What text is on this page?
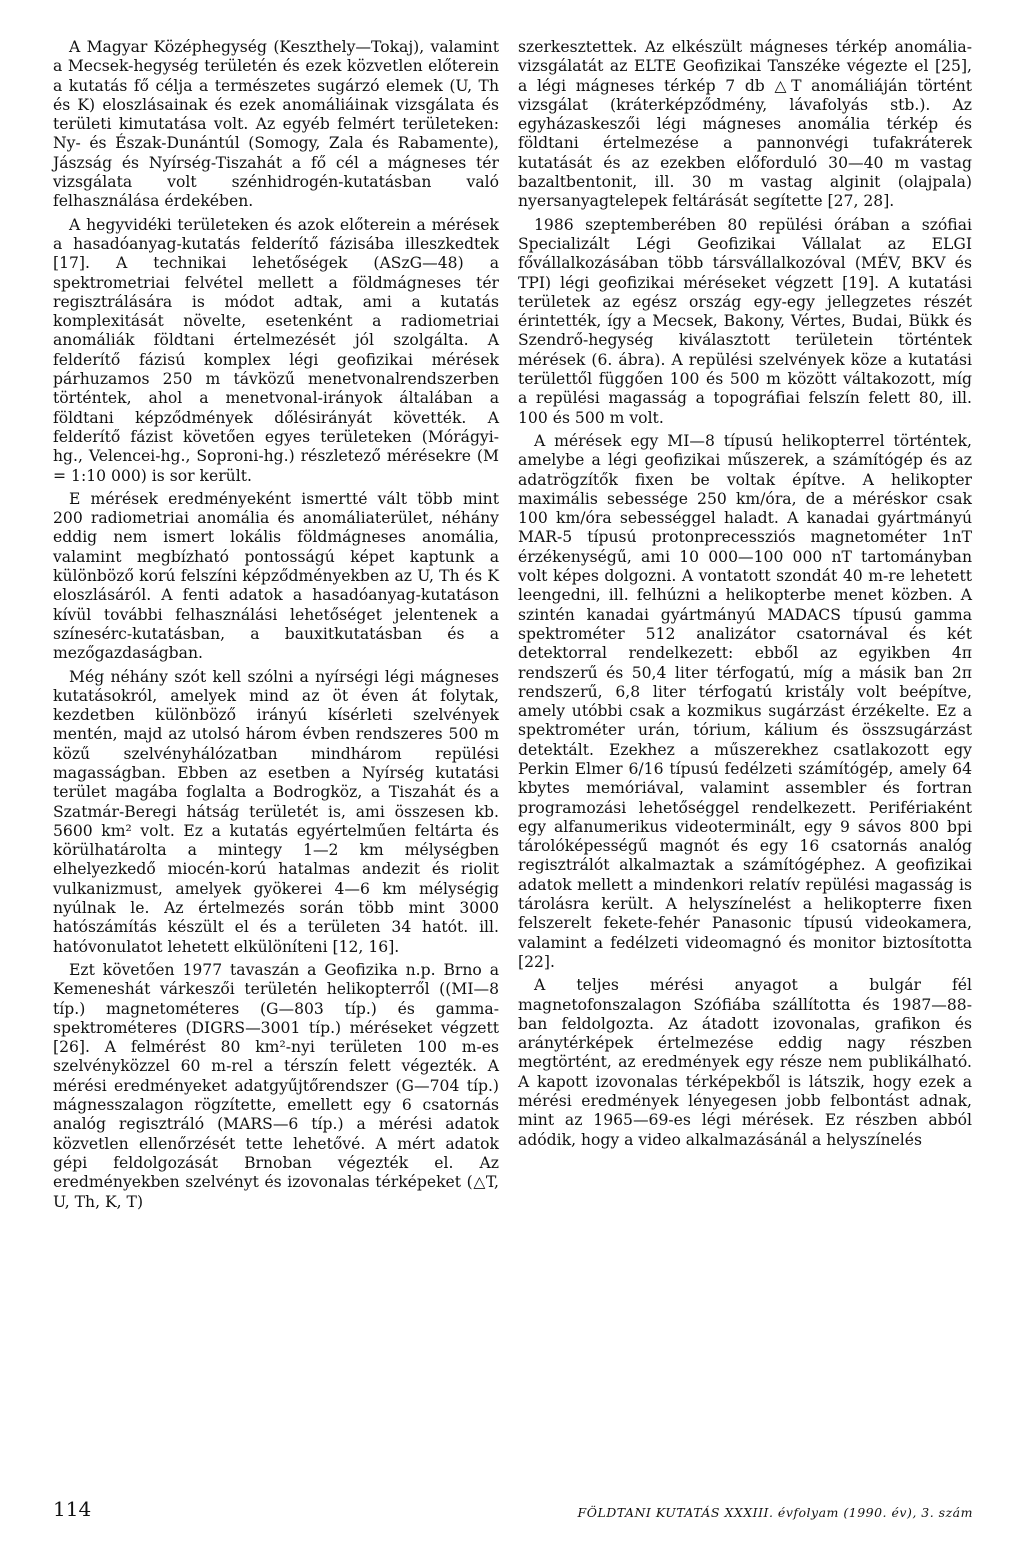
A Magyar Középhegység (Keszthely—Tokaj), valamint a Mecsek-hegység területén és ezek közvetlen előterein a kutatás fő célja a természetes sugárzó elemek (U, Th és K) eloszlásainak és ezek anomáliáinak vizsgálata és területi kimutatása volt. Az egyéb felmért területeken: Ny- és Észak-Dunántúl (Somogy, Zala és Rabamente), Jászság és Nyírség-Tiszahát a fő cél a mágneses tér vizsgálata volt szénhidrogén-kutatásban való felhasználása érdekében.

A hegyvidéki területeken és azok előterein a mérések a hasadóanyag-kutatás felderítő fázisába illeszkedtek [17]. A technikai lehetőségek (ASzG—48) a spektrometriai felvétel mellett a földmágneses tér regisztrálására is módot adtak, ami a kutatás komplexitását növelte, esetenként a radiometriai anomáliák földtani értelmezését jól szolgálta. A felderítő fázisú komplex légi geofizikai mérések párhuzamos 250 m távközű menetvonalrendszerben történtek, ahol a menetvonal-irányok általában a földtani képződmények dőlésirányát követték. A felderítő fázist követően egyes területeken (Mórágyi-hg., Velencei-hg., Soproni-hg.) részletező mérésekre (M = 1:10 000) is sor került.

E mérések eredményeként ismertté vált több mint 200 radiometriai anomália és anomáliaterület, néhány eddig nem ismert lokális földmágneses anomália, valamint megbízható pontosságú képet kaptunk a különböző korú felszíni képződményekben az U, Th és K eloszlásáról. A fenti adatok a hasadóanyag-kutatáson kívül további felhasználási lehetőséget jelentenek a színesérc-kutatásban, a bauxitkutatásban és a mezőgazdaságban.

Még néhány szót kell szólni a nyírségi légi mágneses kutatásokról, amelyek mind az öt éven át folytak, kezdetben különböző irányú kísérleti szelvények mentén, majd az utolsó három évben rendszeres 500 m közű szelvényhálózatban mindhárom repülési magasságban. Ebben az esetben a Nyírség kutatási terület magába foglalta a Bodrogköz, a Tiszahát és a Szatmár-Beregi hátság területét is, ami összesen kb. 5600 km² volt. Ez a kutatás egyértelműen feltárta és körülhatárolta a mintegy 1—2 km mélységben elhelyezkedő miocén-korú hatalmas andezit és riolit vulkanizmust, amelyek gyökerei 4—6 km mélységig nyúlnak le. Az értelmezés során több mint 3000 hatószámítás készült el és a területen 34 hatót. ill. hatóvonulatot lehetett elkülöníteni [12, 16].

Ezt követően 1977 tavaszán a Geofizika n.p. Brno a Kemeneshát várkeszői területén helikopterről ((MI—8 típ.) magnetométeres (G—803 típ.) és gamma-spektrométeres (DIGRS—3001 típ.) méréseket végzett [26]. A felmérést 80 km²-nyi területen 100 m-es szelvényközzel 60 m-rel a térszín felett végezték. A mérési eredményeket adatgyűjtőrendszer (G—704 típ.) mágnesszalagon rögzítette, emellett egy 6 csatornás analóg regisztráló (MARS—6 típ.) a mérési adatok közvetlen ellenőrzését tette lehetővé. A mért adatok gépi feldolgozását Brnoban végezték el. Az eredményekben szelvényt és izovonalas térképeket (△T, U, Th, K, T)

szerkesztettek. Az elkészült mágneses térkép anomália-vizsgálatát az ELTE Geofizikai Tanszéke végezte el [25], a légi mágneses térkép 7 db △T anomáliáján történt vizsgálat (kráterképződmény, lávafolyás stb.). Az egyházaskeszői légi mágneses anomália térkép és földtani értelmezése a pannonvégi tufakráterek kutatását és az ezekben előforduló 30—40 m vastag bazaltbentonit, ill. 30 m vastag alginit (olajpala) nyersanyagtelepek feltárását segítette [27, 28].

1986 szeptemberében 80 repülési órában a szófiai Specializált Légi Geofizikai Vállalat az ELGI fővállalkozásában több társvállalkozóval (MÉV, BKV és TPI) légi geofizikai méréseket végzett [19]. A kutatási területek az egész ország egy-egy jellegzetes részét érintették, így a Mecsek, Bakony, Vértes, Budai, Bükk és Szendrő-hegység kiválasztott területein történtek mérések (6. ábra). A repülési szelvények köze a kutatási területtől függően 100 és 500 m között váltakozott, míg a repülési magasság a topográfiai felszín felett 80, ill. 100 és 500 m volt.

A mérések egy MI—8 típusú helikopterrel történtek, amelybe a légi geofizikai műszerek, a számítógép és az adatrögzítők fixen be voltak építve. A helikopter maximális sebessége 250 km/óra, de a méréskor csak 100 km/óra sebességgel haladt. A kanadai gyártmányú MAR-5 típusú protonprecessziós magnetométer 1nT érzékenységű, ami 10 000—100 000 nT tartományban volt képes dolgozni. A vontatott szondát 40 m-re lehetett leengedni, ill. felhúzni a helikopterbe menet közben. A szintén kanadai gyártmányú MADACS típusú gamma spektrométer 512 analizátor csatornával és két detektorral rendelkezett: ebből az egyikben 4π rendszerű és 50,4 liter térfogatú, míg a másik ban 2π rendszerű, 6,8 liter térfogatú kristály volt beépítve, amely utóbbi csak a kozmikus sugárzást érzékelte. Ez a spektrométer urán, tórium, kálium és összsugárzást detektált. Ezekhez a műszerekhez csatlakozott egy Perkin Elmer 6/16 típusú fedélzeti számítógép, amely 64 kbytes memóriával, valamint assembler és fortran programozási lehetőséggel rendelkezett. Perifériaként egy alfanumerikus videoterminált, egy 9 sávos 800 bpi tárolóképességű magnót és egy 16 csatornás analóg regisztrálót alkalmaztak a számítógéphez. A geofizikai adatok mellett a mindenkori relatív repülési magasság is tárolásra került. A helyszínelést a helikopterre fixen felszerelt fekete-fehér Panasonic típusú videokamera, valamint a fedélzeti videomagnó és monitor biztosította [22].

A teljes mérési anyagot a bulgár fél magnetofonszalagon Szófiába szállította és 1987—88-ban feldolgozta. Az átadott izovonalas, grafikon és aránytérképek értelmezése eddig nagy részben megtörtént, az eredmények egy része nem publikálható. A kapott izovonalas térképekből is látszik, hogy ezek a mérési eredmények lényegesen jobb felbontást adnak, mint az 1965—69-es légi mérések. Ez részben abból adódik, hogy a video alkalmazásánál a helyszínelés

114	FÖLDTANI KUTATÁS XXXIII. évfolyam (1990. év), 3. szám
